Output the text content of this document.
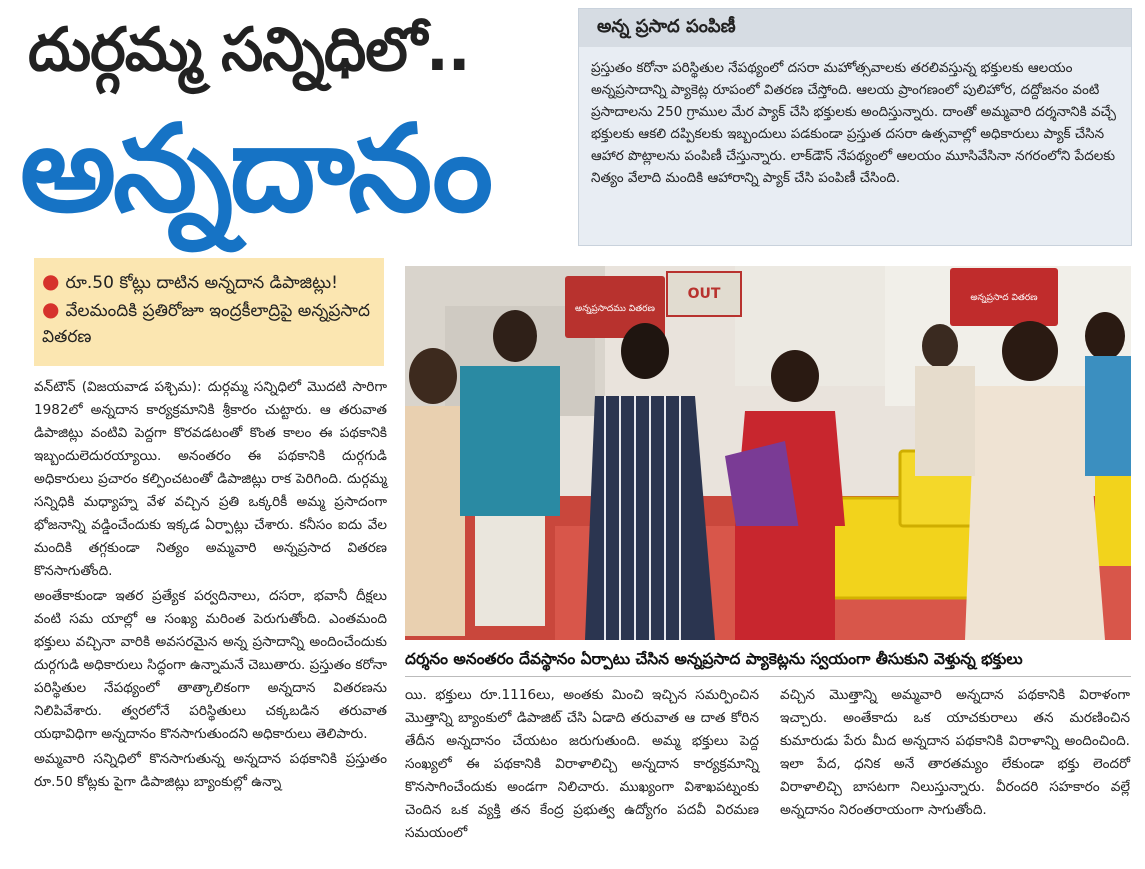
దుర్గమ్మ సన్నిధిలో..
అన్నదానం
అన్న ప్రసాద పంపిణీ
ప్రస్తుతం కరోనా పరిస్థితుల నేపథ్యంలో దసరా మహోత్సవాలకు తరలివస్తున్న భక్తులకు ఆలయం అన్నప్రసాదాన్ని ప్యాకెట్ల రూపంలో వితరణ చేస్తోంది. ఆలయ ప్రాంగణంలో పులిహోర, దద్దోజనం వంటి ప్రసాదాలను 250 గ్రాముల మేర ప్యాక్ చేసి భక్తులకు అందిస్తున్నారు. దాంతో అమ్మవారి దర్శనానికి వచ్చే భక్తులకు ఆకలి దప్పికలకు ఇబ్బందులు పడకుండా ప్రస్తుత దసరా ఉత్సవాల్లో అధికారులు ప్యాక్ చేసిన ఆహార పొట్లాలను పంపిణీ చేస్తున్నారు. లాక్‌డౌన్ నేపథ్యంలో ఆలయం మూసివేసినా నగరంలోని పేదలకు నిత్యం వేలాది మందికి ఆహారాన్ని ప్యాక్ చేసి పంపిణీ చేసింది.
● రూ.50 కోట్లు దాటిన అన్నదాన డిపాజిట్లు!
● వేలమందికి ప్రతిరోజూ ఇంద్రకీలాద్రిపై అన్నప్రసాద వితరణ
అన్నప్రసాదము వితరణ
OUT	అన్నప్రసాద వితరణ
దర్శనం అనంతరం దేవస్థానం ఏర్పాటు చేసిన అన్నప్రసాద ప్యాకెట్లను స్వయంగా తీసుకుని వెళ్తున్న భక్తులు

వన్‌టౌన్ (విజయవాడ పశ్చిమ): దుర్గమ్మ సన్నిధిలో మొదటి సారిగా 1982లో అన్నదాన కార్యక్రమానికి శ్రీకారం చుట్టారు. ఆ తరువాత డిపాజిట్లు వంటివి పెద్దగా కొరవడటంతో కొంత కాలం ఈ పథకానికి ఇబ్బందులెదురయ్యాయి. అనంతరం ఈ పథకానికి దుర్గగుడి అధికారులు ప్రచారం కల్పించటంతో డిపాజిట్లు రాక పెరిగింది. దుర్గమ్మ సన్నిధికి మధ్యాహ్న వేళ వచ్చిన ప్రతి ఒక్కరికీ అమ్మ ప్రసాదంగా భోజనాన్ని వడ్డించేందుకు ఇక్కడ ఏర్పాట్లు చేశారు. కనీసం ఐదు వేల మందికి తగ్గకుండా నిత్యం అమ్మవారి అన్నప్రసాద వితరణ కొనసాగుతోంది.

అంతేకాకుండా ఇతర ప్రత్యేక పర్వదినాలు, దసరా, భవానీ దీక్షలు వంటి సమ యాల్లో ఆ సంఖ్య మరింత పెరుగుతోంది. ఎంతమంది భక్తులు వచ్చినా వారికి అవసరమైన అన్న ప్రసాదాన్ని అందించేందుకు దుర్గగుడి అధికారులు సిద్ధంగా ఉన్నామనే చెబుతారు. ప్రస్తుతం కరోనా పరిస్థితుల నేపథ్యంలో తాత్కాలికంగా అన్నదాన వితరణను నిలిపివేశారు. త్వరలోనే పరిస్థితులు చక్కబడిన తరువాత యథావిధిగా అన్నదానం కొనసాగుతుందని అధికారులు తెలిపారు.

అమ్మవారి సన్నిధిలో కొనసాగుతున్న అన్నదాన పథకానికి ప్రస్తుతం రూ.50 కోట్లకు పైగా డిపాజిట్లు బ్యాంకుల్లో ఉన్నా

యి. భక్తులు రూ.1116లు, అంతకు మించి ఇచ్చిన సమర్పించిన మొత్తాన్ని బ్యాంకులో డిపాజిట్ చేసి ఏడాది తరువాత ఆ దాత కోరిన తేదీన అన్నదానం చేయటం జరుగుతుంది. అమ్మ భక్తులు పెద్ద సంఖ్యలో ఈ పథకానికి విరాళాలిచ్చి అన్నదాన కార్యక్రమాన్ని కొనసాగించేందుకు అండగా నిలిచారు. ముఖ్యంగా విశాఖపట్నంకు చెందిన ఒక వ్యక్తి తన కేంద్ర ప్రభుత్వ ఉద్యోగం పదవీ విరమణ సమయంలో

వచ్చిన మొత్తాన్ని అమ్మవారి అన్నదాన పథకానికి విరాళంగా ఇచ్చారు. అంతేకాదు ఒక యాచకురాలు తన మరణించిన కుమారుడు పేరు మీద అన్నదాన పథకానికి విరాళాన్ని అందించింది. ఇలా పేద, ధనిక అనే తారతమ్యం లేకుండా భక్తు లెందరో విరాళాలిచ్చి బాసటగా నిలుస్తున్నారు. వీరందరి సహకారం వల్లే అన్నదానం నిరంతరాయంగా సాగుతోంది.
